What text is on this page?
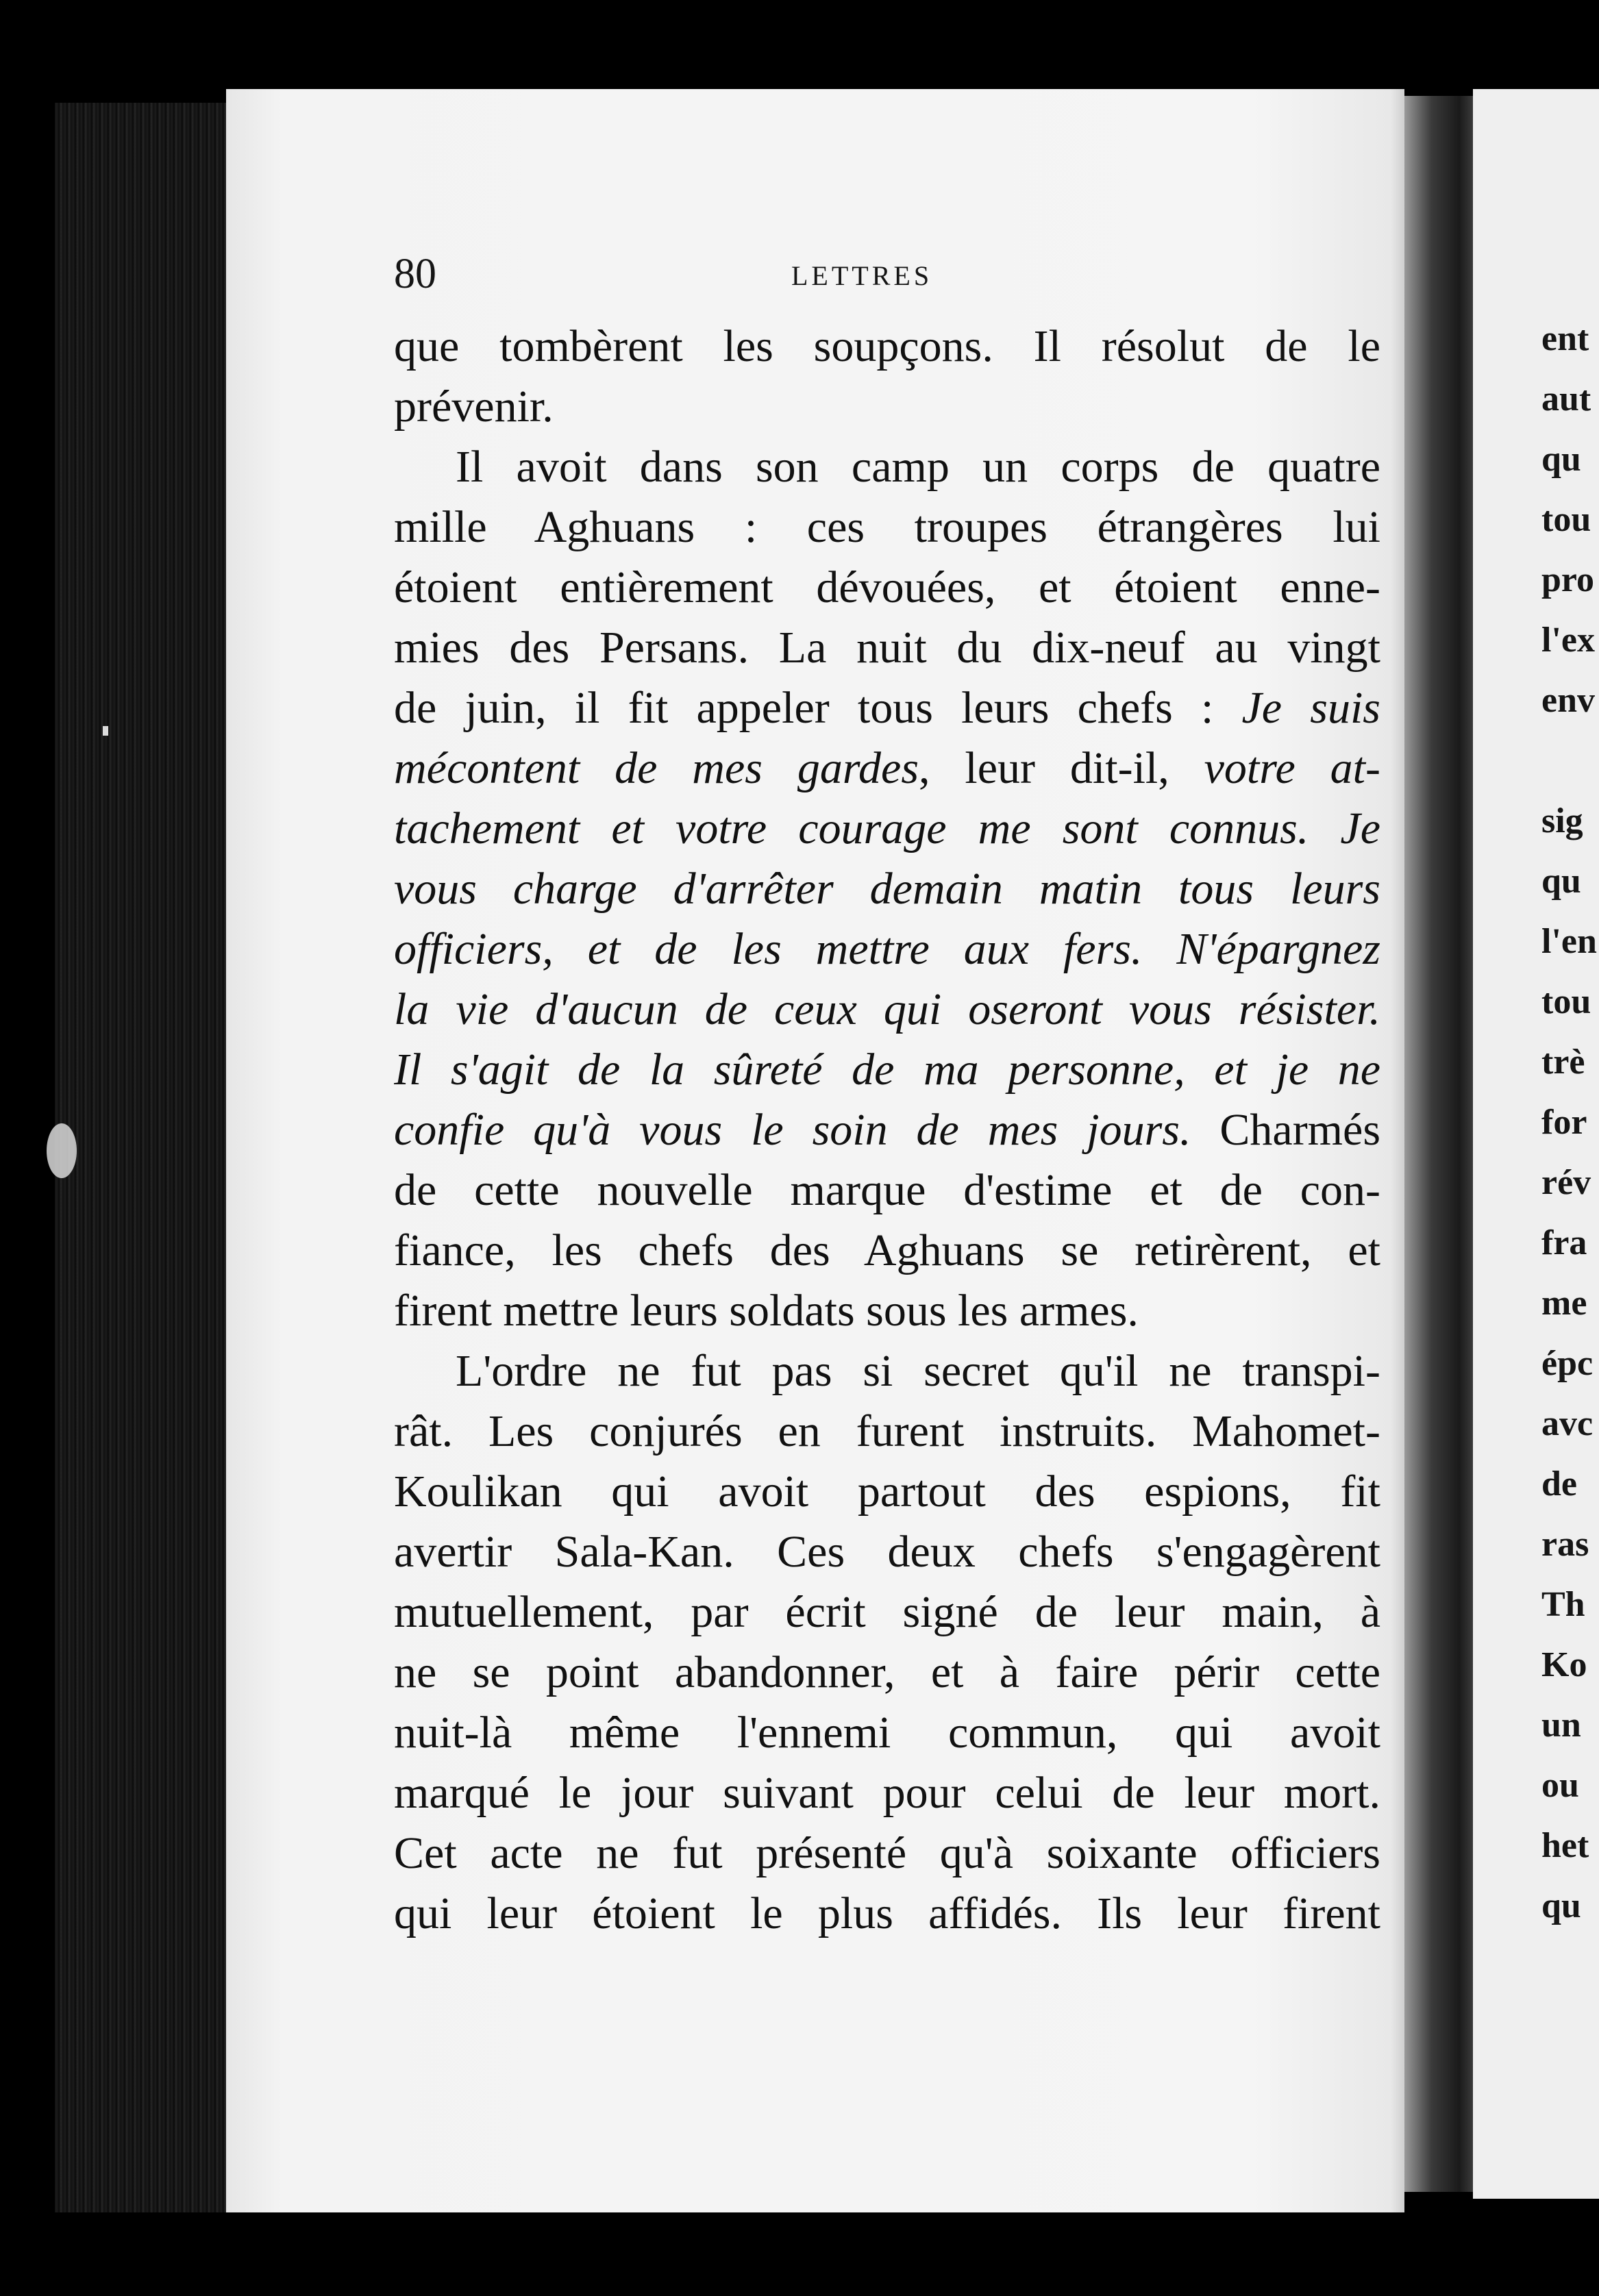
ent
aut
qu
tou
pro
l'ex
env
sig
qu
l'en
tou
trè
for
rév
fra
me
épc
avc
de
ras
Th
Ko
un
ou
het
qu
80	LETTRES
que tombèrent les soupçons. Il résolut de le
prévenir.
Il avoit dans son camp un corps de quatre
mille Aghuans : ces troupes étrangères lui
étoient entièrement dévouées, et étoient enne-
mies des Persans. La nuit du dix-neuf au vingt
de juin, il fit appeler tous leurs chefs : Je suis
mécontent de mes gardes, leur dit-il, votre at-
tachement et votre courage me sont connus. Je
vous charge d'arrêter demain matin tous leurs
officiers, et de les mettre aux fers. N'épargnez
la vie d'aucun de ceux qui oseront vous résister.
Il s'agit de la sûreté de ma personne, et je ne
confie qu'à vous le soin de mes jours. Charmés
de cette nouvelle marque d'estime et de con-
fiance, les chefs des Aghuans se retirèrent, et
firent mettre leurs soldats sous les armes.
L'ordre ne fut pas si secret qu'il ne transpi-
rât. Les conjurés en furent instruits. Mahomet-
Koulikan qui avoit partout des espions, fit
avertir Sala-Kan. Ces deux chefs s'engagèrent
mutuellement, par écrit signé de leur main, à
ne se point abandonner, et à faire périr cette
nuit-là même l'ennemi commun, qui avoit
marqué le jour suivant pour celui de leur mort.
Cet acte ne fut présenté qu'à soixante officiers
qui leur étoient le plus affidés. Ils leur firent
